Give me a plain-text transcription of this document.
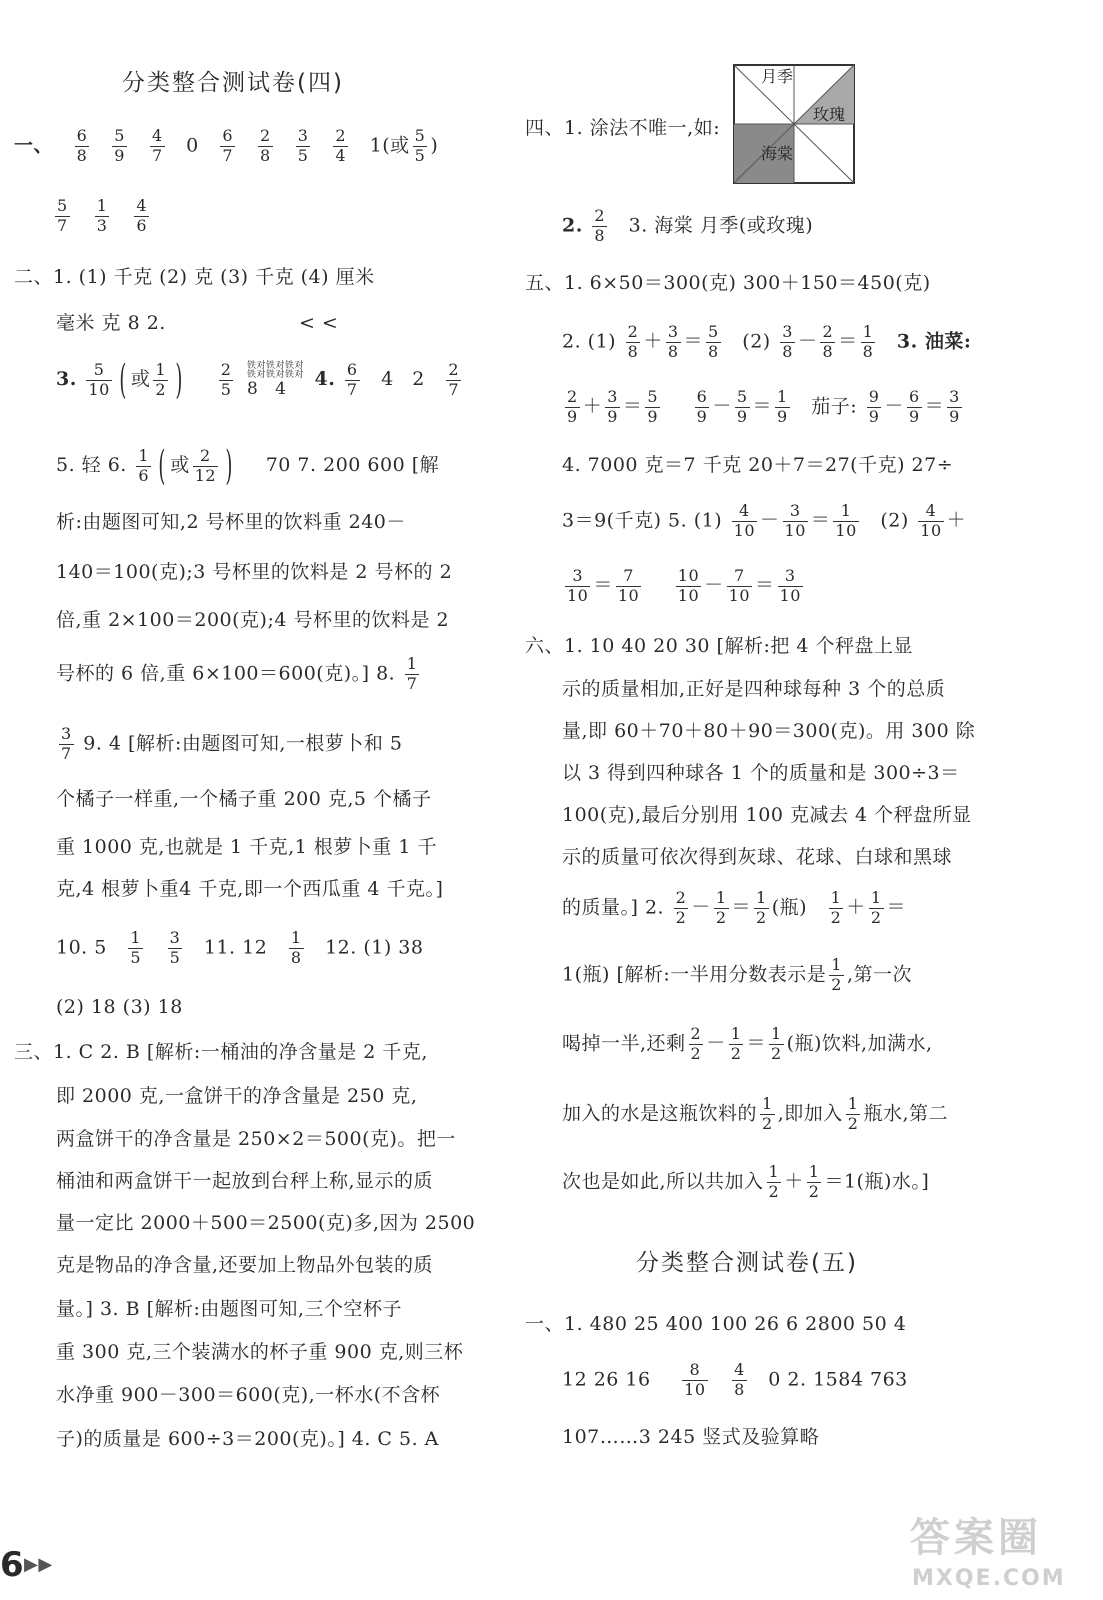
分类整合测试卷(四)
一、 $\frac{6}{8} \frac{5}{9} \frac{4}{7} 0 \frac{6}{7} \frac{2}{8} \frac{3}{5} \frac{2}{4} 1$(或 $\frac{5}{5}$ )
$\frac{5}{7} \frac{1}{3} \frac{4}{6}$
二、1. (1) 千克 (2) 克 (3) 千克 (4) 厘米
毫米 克 8 2.	< <
3. $\frac{5}{10}$ ( 或 $\frac{1}{2}$ ) $\frac{2}{5}$ 铁对铁对铁对
铁对铁对铁对
8 4 4. $\frac{6}{7} 4$ $2 \frac{2}{7}$
5. 轻 6. $\frac{1}{6}$ ( 或 $\frac{2}{12}$ ) 70 7. 200 600 [解
析:由题图可知,2 号杯里的饮料重 240－
140＝100(克);3 号杯里的饮料是 2 号杯的 2
倍,重 2×100＝200(克);4 号杯里的饮料是 2
号杯的 6 倍,重 6×100＝600(克)。] 8. $\frac{1}{7}$
$\frac{3}{7} 9$. 4 [解析:由题图可知,一根萝卜和 5
个橘子一样重,一个橘子重 200 克,5 个橘子
重 1000 克,也就是 1 千克,1 根萝卜重 1 千
克,4 根萝卜重4 千克,即一个西瓜重 4 千克。]
10. $5 \frac{1}{5}$
$\frac{3}{5} 11$. $12 \frac{1}{8} 12$. (1) 38
(2) 18 (3) 18
三、1. C 2. B [解析:一桶油的净含量是 2 千克,
即 2000 克,一盒饼干的净含量是 250 克,
两盒饼干的净含量是 250×2＝500(克)。把一
桶油和两盒饼干一起放到台秤上称,显示的质
量一定比 2000＋500＝2500(克)多,因为 2500
克是物品的净含量,还要加上物品外包装的质
量。] 3. B [解析:由题图可知,三个空杯子
重 300 克,三个装满水的杯子重 900 克,则三杯
水净重 900－300＝600(克),一杯水(不含杯
子)的质量是 600÷3＝200(克)。] 4. C 5. A
四、1. 涂法不唯一,如:
月季
玫瑰
海棠
2. $\frac{2}{8} 3$. 海棠 月季(或玫瑰)
五、1. 6×50＝300(克) 300＋150＝450(克)
2. $(1) \frac{2}{8} + \frac{3}{8} = \frac{5}{8} (2) \frac{3}{8} - \frac{2}{8} = \frac{1}{8} 3$. 油菜:
$\frac{2}{9} + \frac{3}{9} = \frac{5}{9}$
$\frac{6}{9} - \frac{5}{9} = \frac{1}{9}$ 茄子: $\frac{9}{9} - \frac{6}{9} = \frac{3}{9}$
4. 7000 克＝7 千克 20＋7＝27(千克) 27÷
3＝9(千克) 5. $(1) \frac{4}{10} - \frac{3}{10} = \frac{1}{10} (2) \frac{4}{10}$ ＋
$\frac{3}{10} = \frac{7}{10}$
$\frac{10}{10} - \frac{7}{10} = \frac{3}{10}$
六、1. 10 40 20 30 [解析:把 4 个秤盘上显
示的质量相加,正好是四种球每种 3 个的总质
量,即 60＋70＋80＋90＝300(克)。用 300 除
以 3 得到四种球各 1 个的质量和是 300÷3＝
100(克),最后分别用 100 克减去 4 个秤盘所显
示的质量可依次得到灰球、花球、白球和黑球
的质量。] 2. $\frac{2}{2} - \frac{1}{2} = \frac{1}{2}$ (瓶) $\frac{1}{2} + \frac{1}{2}$ ＝
1(瓶) [解析:一半用分数表示是 $\frac{1}{2}$ ,第一次
喝掉一半,还剩 $\frac{2}{2} - \frac{1}{2} = \frac{1}{2}$ (瓶)饮料,加满水,
加入的水是这瓶饮料的 $\frac{1}{2}$ ,即加入 $\frac{1}{2}$ 瓶水,第二
次也是如此,所以共加入 $\frac{1}{2} + \frac{1}{2} =1$(瓶)水。]
分类整合测试卷(五)
一、1. 480 25 400 100 26 6 2800 50 4
12 26 $16 \frac{8}{10}$
$\frac{4}{8} 0$ 2. 1584 763
107……3 245 竖式及验算略
6 ▶▶
答案圈
MXQE.COM
